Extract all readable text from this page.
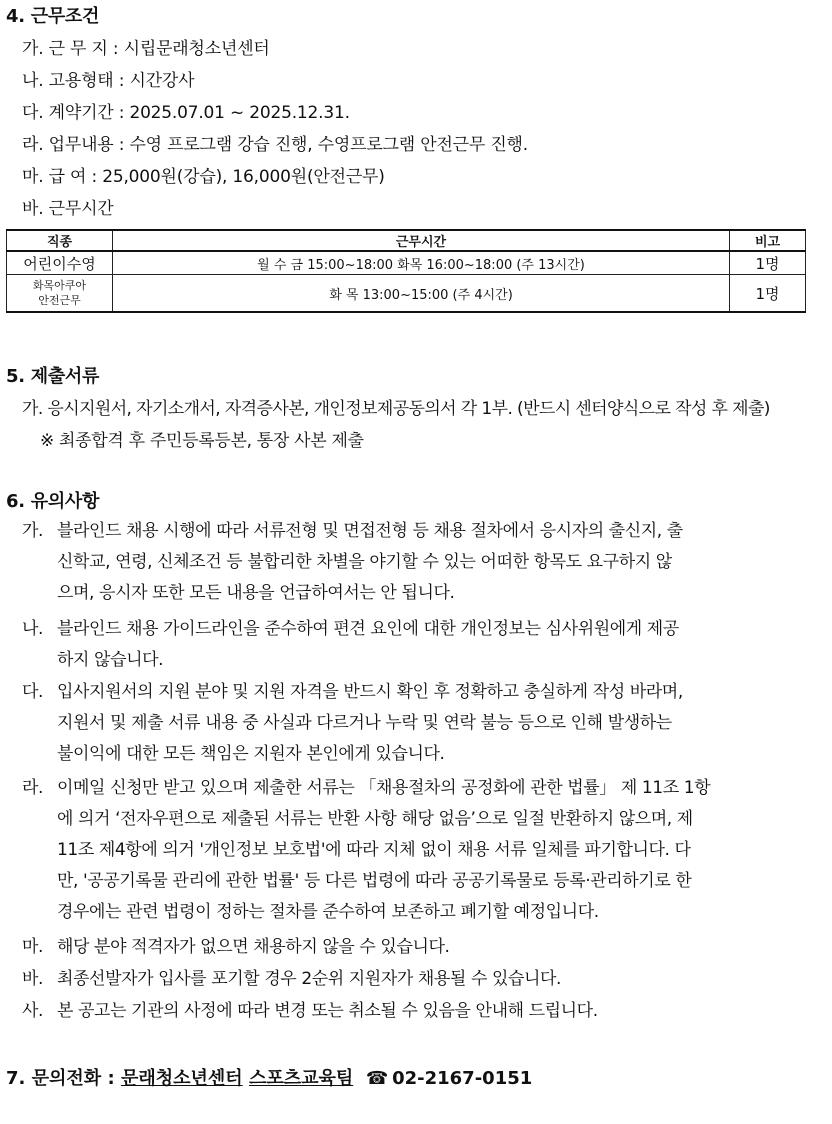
4. 근무조건
가. 근 무 지 : 시립문래청소년센터
나. 고용형태 : 시간강사
다. 계약기간 : 2025.07.01 ~ 2025.12.31.
라. 업무내용 : 수영 프로그램 강습 진행, 수영프로그램 안전근무 진행.
마. 급 여 : 25,000원(강습), 16,000원(안전근무)
바. 근무시간
직종	근무시간	비고
어린이수영	월 수 금 15:00~18:00 화목 16:00~18:00 (주 13시간)	1명
화목아쿠아
안전근무	화 목 13:00~15:00 (주 4시간)	1명
5. 제출서류
가. 응시지원서, 자기소개서, 자격증사본, 개인정보제공동의서 각 1부. (반드시 센터양식으로 작성 후 제출)
※ 최종합격 후 주민등록등본, 통장 사본 제출
6. 유의사항
가. 블라인드 채용 시행에 따라 서류전형 및 면접전형 등 채용 절차에서 응시자의 출신지, 출
신학교, 연령, 신체조건 등 불합리한 차별을 야기할 수 있는 어떠한 항목도 요구하지 않
으며, 응시자 또한 모든 내용을 언급하여서는 안 됩니다.
나. 블라인드 채용 가이드라인을 준수하여 편견 요인에 대한 개인정보는 심사위원에게 제공
하지 않습니다.
다. 입사지원서의 지원 분야 및 지원 자격을 반드시 확인 후 정확하고 충실하게 작성 바라며,
지원서 및 제출 서류 내용 중 사실과 다르거나 누락 및 연락 불능 등으로 인해 발생하는
불이익에 대한 모든 책임은 지원자 본인에게 있습니다.
라. 이메일 신청만 받고 있으며 제출한 서류는 「채용절차의 공정화에 관한 법률」 제 11조 1항
에 의거 ‘전자우편으로 제출된 서류는 반환 사항 해당 없음’으로 일절 반환하지 않으며, 제
11조 제4항에 의거 '개인정보 보호법'에 따라 지체 없이 채용 서류 일체를 파기합니다. 다
만, '공공기록물 관리에 관한 법률' 등 다른 법령에 따라 공공기록물로 등록·관리하기로 한
경우에는 관련 법령이 정하는 절차를 준수하여 보존하고 폐기할 예정입니다.
마. 해당 분야 적격자가 없으면 채용하지 않을 수 있습니다.
바. 최종선발자가 입사를 포기할 경우 2순위 지원자가 채용될 수 있습니다.
사. 본 공고는 기관의 사정에 따라 변경 또는 취소될 수 있음을 안내해 드립니다.
7. 문의전화 : 문래청소년센터 스포츠교육팀 ☎ 02-2167-0151
